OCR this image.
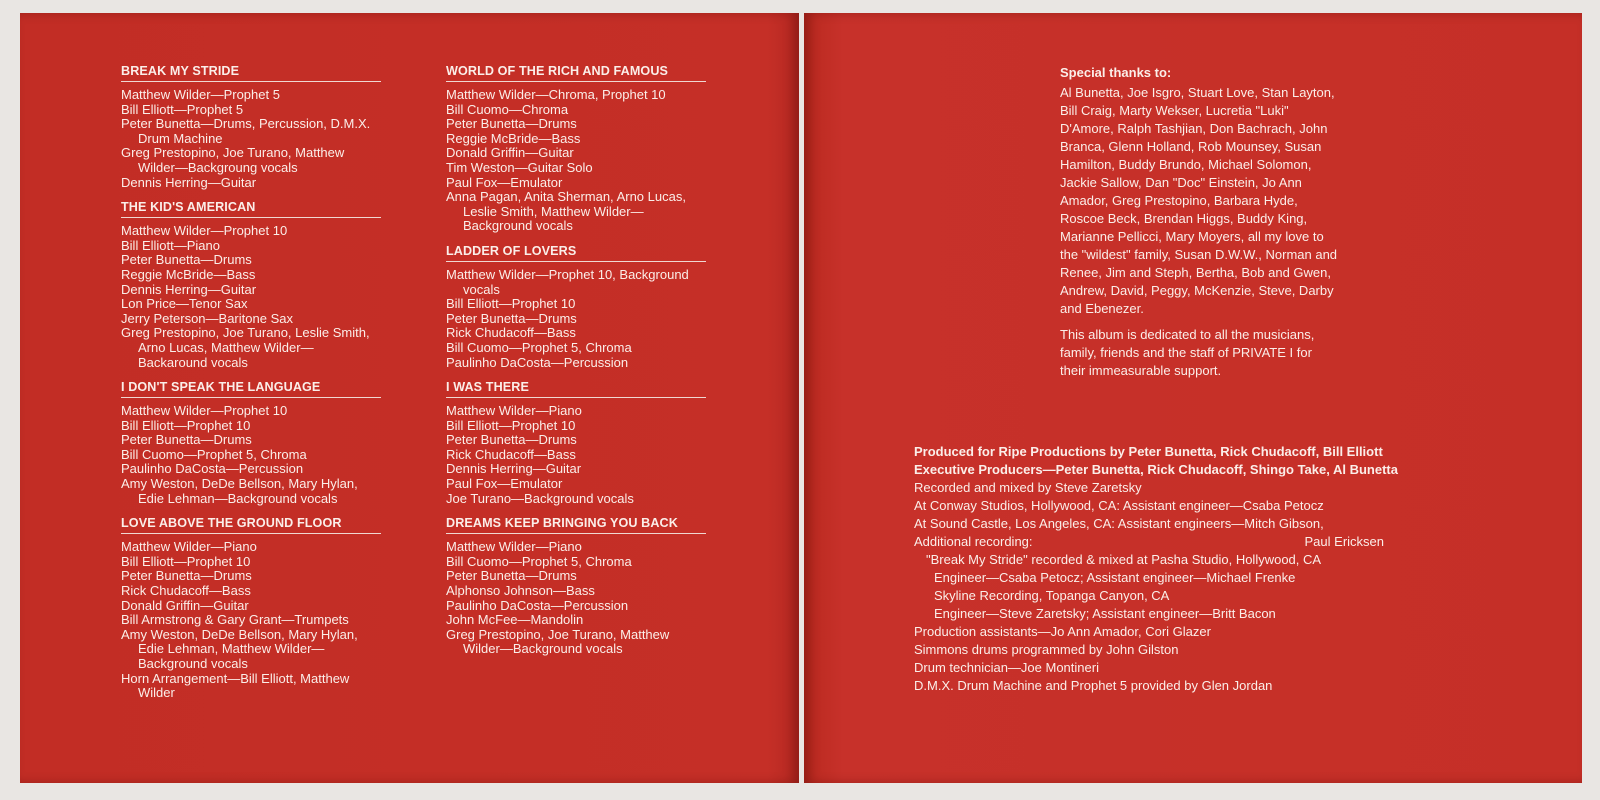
BREAK MY STRIDE
Matthew Wilder—Prophet 5
Bill Elliott—Prophet 5
Peter Bunetta—Drums, Percussion, D.M.X. Drum Machine
Greg Prestopino, Joe Turano, Matthew Wilder—Backgroung vocals
Dennis Herring—Guitar
THE KID'S AMERICAN
Matthew Wilder—Prophet 10
Bill Elliott—Piano
Peter Bunetta—Drums
Reggie McBride—Bass
Dennis Herring—Guitar
Lon Price—Tenor Sax
Jerry Peterson—Baritone Sax
Greg Prestopino, Joe Turano, Leslie Smith, Arno Lucas, Matthew Wilder— Backaround vocals
I DON'T SPEAK THE LANGUAGE
Matthew Wilder—Prophet 10
Bill Elliott—Prophet 10
Peter Bunetta—Drums
Bill Cuomo—Prophet 5, Chroma
Paulinho DaCosta—Percussion
Amy Weston, DeDe Bellson, Mary Hylan, Edie Lehman—Background vocals
LOVE ABOVE THE GROUND FLOOR
Matthew Wilder—Piano
Bill Elliott—Prophet 10
Peter Bunetta—Drums
Rick Chudacoff—Bass
Donald Griffin—Guitar
Bill Armstrong & Gary Grant—Trumpets
Amy Weston, DeDe Bellson, Mary Hylan, Edie Lehman, Matthew Wilder— Background vocals
Horn Arrangement—Bill Elliott, Matthew Wilder
WORLD OF THE RICH AND FAMOUS
Matthew Wilder—Chroma, Prophet 10
Bill Cuomo—Chroma
Peter Bunetta—Drums
Reggie McBride—Bass
Donald Griffin—Guitar
Tim Weston—Guitar Solo
Paul Fox—Emulator
Anna Pagan, Anita Sherman, Arno Lucas, Leslie Smith, Matthew Wilder— Background vocals
LADDER OF LOVERS
Matthew Wilder—Prophet 10, Background vocals
Bill Elliott—Prophet 10
Peter Bunetta—Drums
Rick Chudacoff—Bass
Bill Cuomo—Prophet 5, Chroma
Paulinho DaCosta—Percussion
I WAS THERE
Matthew Wilder—Piano
Bill Elliott—Prophet 10
Peter Bunetta—Drums
Rick Chudacoff—Bass
Dennis Herring—Guitar
Paul Fox—Emulator
Joe Turano—Background vocals
DREAMS KEEP BRINGING YOU BACK
Matthew Wilder—Piano
Bill Cuomo—Prophet 5, Chroma
Peter Bunetta—Drums
Alphonso Johnson—Bass
Paulinho DaCosta—Percussion
John McFee—Mandolin
Greg Prestopino, Joe Turano, Matthew Wilder—Background vocals
Special thanks to:

Al Bunetta, Joe Isgro, Stuart Love, Stan Layton, Bill Craig, Marty Wekser, Lucretia "Luki" D'Amore, Ralph Tashjian, Don Bachrach, John Branca, Glenn Holland, Rob Mounsey, Susan Hamilton, Buddy Brundo, Michael Solomon, Jackie Sallow, Dan "Doc" Einstein, Jo Ann Amador, Greg Prestopino, Barbara Hyde, Roscoe Beck, Brendan Higgs, Buddy King, Marianne Pellicci, Mary Moyers, all my love to the "wildest" family, Susan D.W.W., Norman and Renee, Jim and Steph, Bertha, Bob and Gwen, Andrew, David, Peggy, McKenzie, Steve, Darby and Ebenezer.

This album is dedicated to all the musicians, family, friends and the staff of PRIVATE I for their immeasurable support.

Produced for Ripe Productions by Peter Bunetta, Rick Chudacoff, Bill Elliott
Executive Producers—Peter Bunetta, Rick Chudacoff, Shingo Take, Al Bunetta
Recorded and mixed by Steve Zaretsky
At Conway Studios, Hollywood, CA: Assistant engineer—Csaba Petocz
At Sound Castle, Los Angeles, CA: Assistant engineers—Mitch Gibson,
Additional recording:	Paul Ericksen
"Break My Stride" recorded & mixed at Pasha Studio, Hollywood, CA
Engineer—Csaba Petocz; Assistant engineer—Michael Frenke
Skyline Recording, Topanga Canyon, CA
Engineer—Steve Zaretsky; Assistant engineer—Britt Bacon
Production assistants—Jo Ann Amador, Cori Glazer
Simmons drums programmed by John Gilston
Drum technician—Joe Montineri
D.M.X. Drum Machine and Prophet 5 provided by Glen Jordan
